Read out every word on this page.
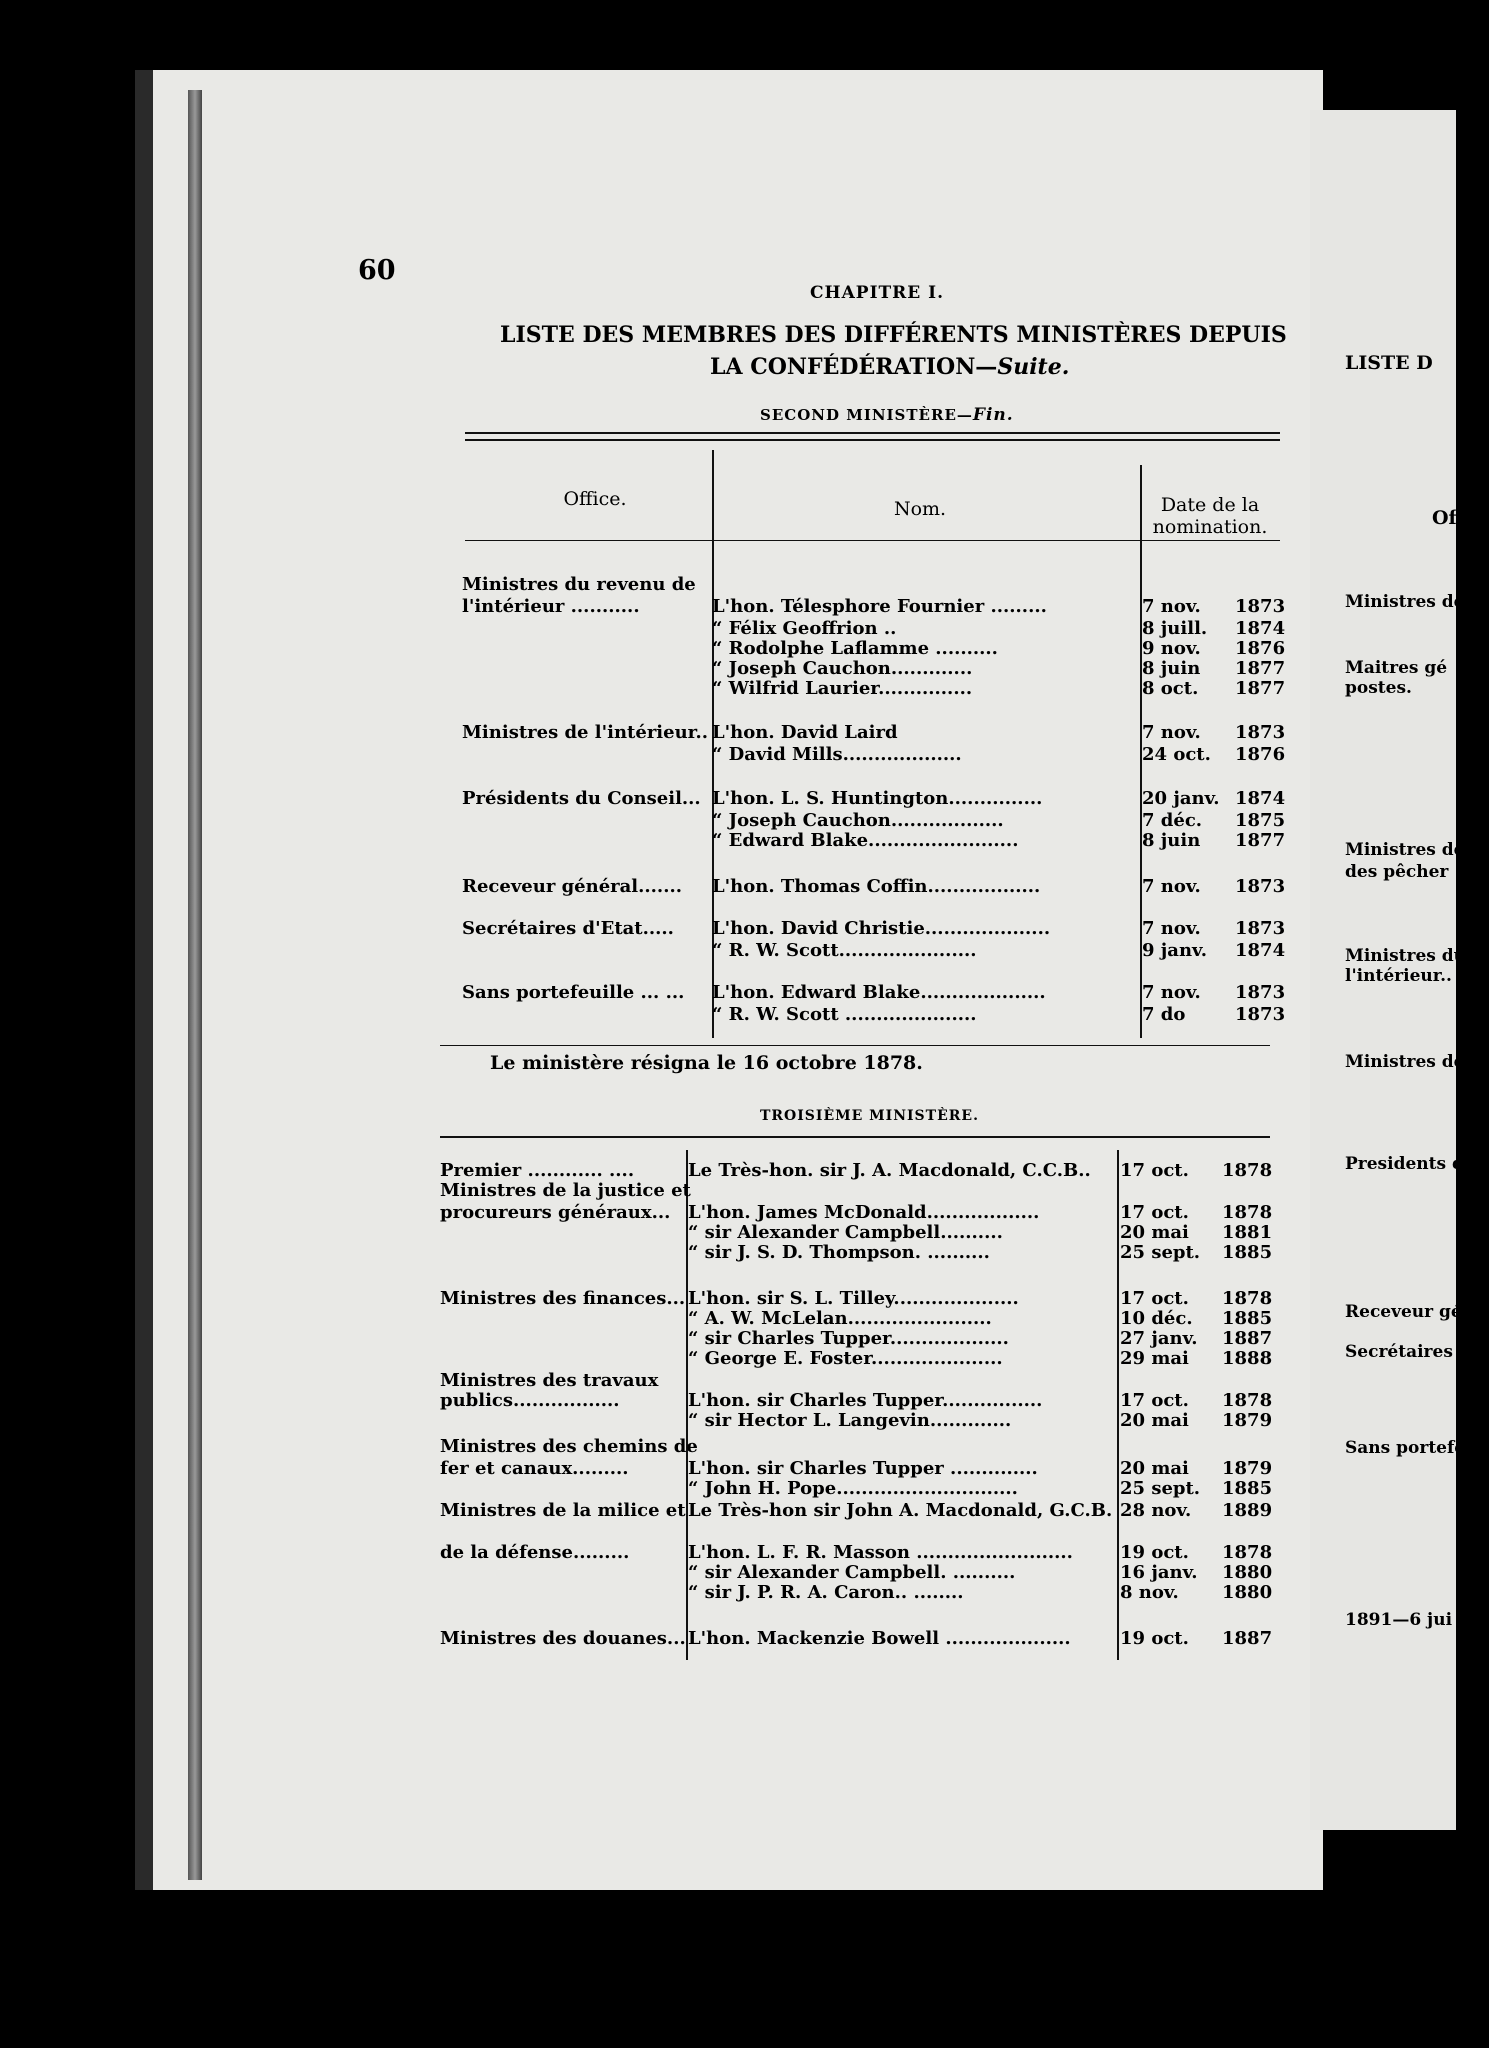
60
CHAPITRE I.
LISTE DES MEMBRES DES DIFFÉRENTS MINISTÈRES DEPUIS
LA CONFÉDÉRATION—Suite.
SECOND MINISTÈRE—Fin.
Office.	Nom.	Date de la
nomination.
Ministres du revenu de
l'intérieur ...........	L'hon. Télesphore Fournier .........	7 nov. 1873
“ Félix Geoffrion ..	8 juill. 1874
“ Rodolphe Laflamme ..........	9 nov. 1876
“ Joseph Cauchon.............	8 juin 1877
“ Wilfrid Laurier...............	8 oct. 1877
Ministres de l'intérieur.. L'hon. David Laird	7 nov. 1873
“ David Mills...................	24 oct. 1876
Présidents du Conseil... L'hon. L. S. Huntington...............	20 janv. 1874
“ Joseph Cauchon..................	7 déc. 1875
“ Edward Blake........................	8 juin 1877
Receveur général....... L'hon. Thomas Coffin..................	7 nov. 1873
Secrétaires d'Etat..... L'hon. David Christie....................	7 nov. 1873
“ R. W. Scott......................	9 janv. 1874
Sans portefeuille ... ... L'hon. Edward Blake....................	7 nov. 1873
“ R. W. Scott .....................	7 do	1873
Le ministère résigna le 16 octobre 1878.
TROISIÈME MINISTÈRE.
Premier ............ ....	Le Très-hon. sir J. A. Macdonald, C.C.B.. 17 oct. 1878
Ministres de la justice et
procureurs généraux... L'hon. James McDonald..................	17 oct. 1878
“ sir Alexander Campbell..........	20 mai 1881
“ sir J. S. D. Thompson. ..........	25 sept. 1885
Ministres des finances... L'hon. sir S. L. Tilley....................	17 oct. 1878
“ A. W. McLelan.......................	10 déc. 1885
“ sir Charles Tupper...................	27 janv. 1887
“ George E. Foster.....................	29 mai 1888
Ministres des travaux
publics.................	L'hon. sir Charles Tupper................	17 oct. 1878
“ sir Hector L. Langevin.............	20 mai 1879
Ministres des chemins de
fer et canaux.........	L'hon. sir Charles Tupper ..............	20 mai 1879
“ John H. Pope.............................	25 sept. 1885
Ministres de la milice et Le Très-hon sir John A. Macdonald, G.C.B. 28 nov. 1889
de la défense.........	L'hon. L. F. R. Masson .........................	19 oct. 1878
“ sir Alexander Campbell. ..........	16 janv. 1880
“ sir J. P. R. A. Caron.. ........	8 nov. 1880
Ministres des douanes... L'hon. Mackenzie Bowell ....................	19 oct. 1887
LISTE D
Of
Ministres de
Maitres gé
postes.
Ministres de
des pêcher
Ministres du
l'intérieur..
Ministres de l
Presidents du
Receveur géné
Secrétaires d'E
Sans portefeui
1891—6 jui
